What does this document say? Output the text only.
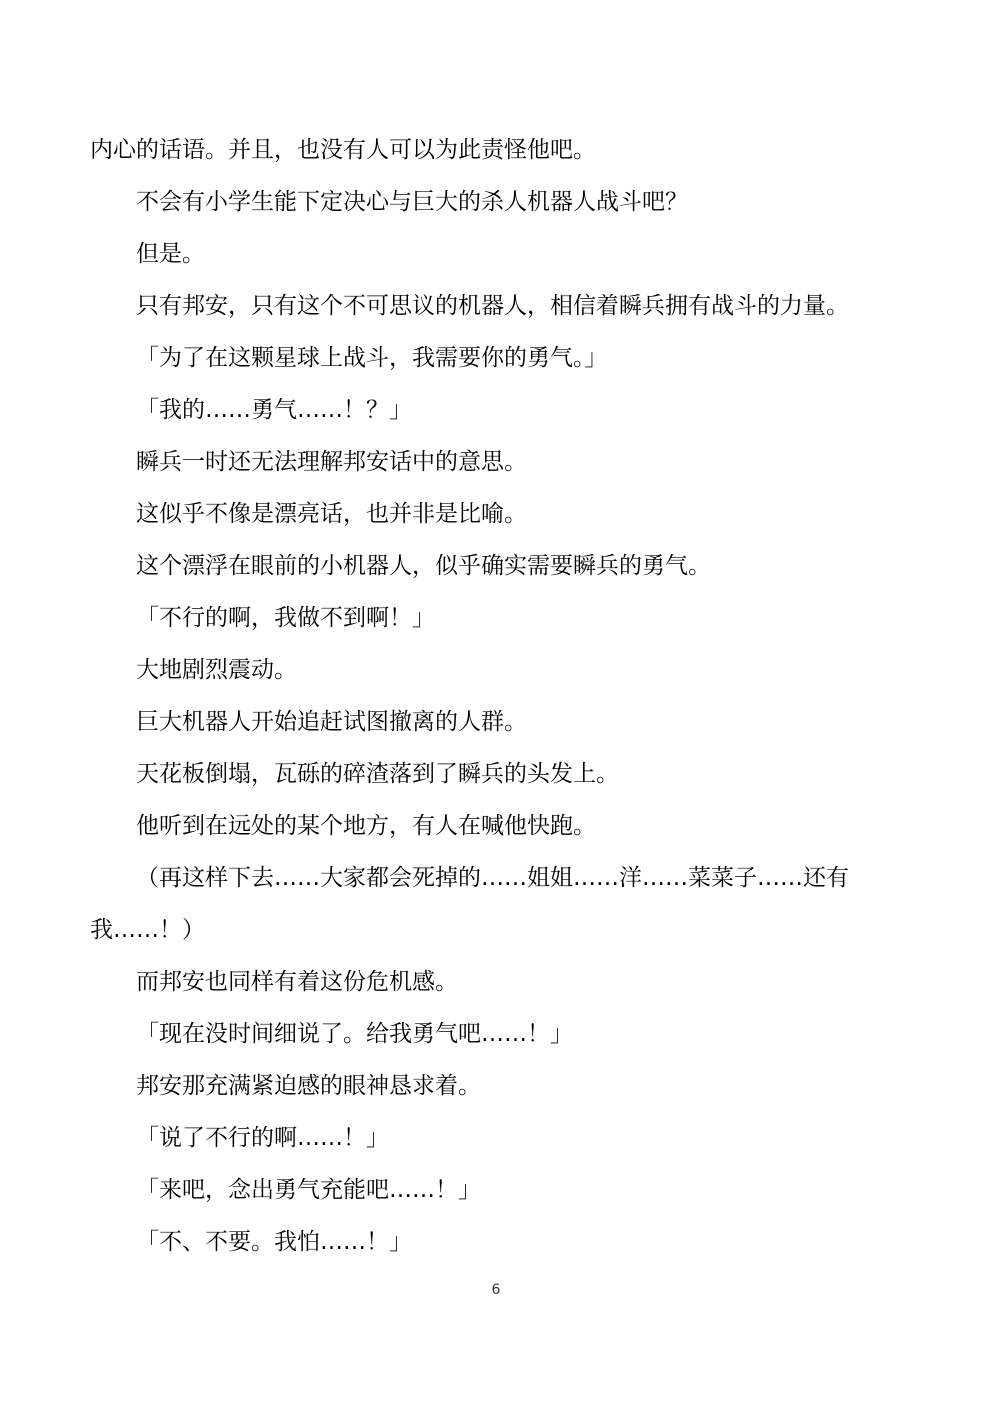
内心的话语。并且，也没有人可以为此责怪他吧。

不会有小学生能下定决心与巨大的杀人机器人战斗吧？

但是。

只有邦安，只有这个不可思议的机器人，相信着瞬兵拥有战斗的力量。

「为了在这颗星球上战斗，我需要你的勇气。」

「我的……勇气……！？」

瞬兵一时还无法理解邦安话中的意思。

这似乎不像是漂亮话，也并非是比喻。

这个漂浮在眼前的小机器人，似乎确实需要瞬兵的勇气。

「不行的啊，我做不到啊！」

大地剧烈震动。

巨大机器人开始追赶试图撤离的人群。

天花板倒塌，瓦砾的碎渣落到了瞬兵的头发上。

他听到在远处的某个地方，有人在喊他快跑。

（再这样下去……大家都会死掉的……姐姐……洋……菜菜子……还有我……！）

而邦安也同样有着这份危机感。

「现在没时间细说了。给我勇气吧……！」

邦安那充满紧迫感的眼神恳求着。

「说了不行的啊……！」

「来吧，念出勇气充能吧……！」

「不、不要。我怕……！」

6
